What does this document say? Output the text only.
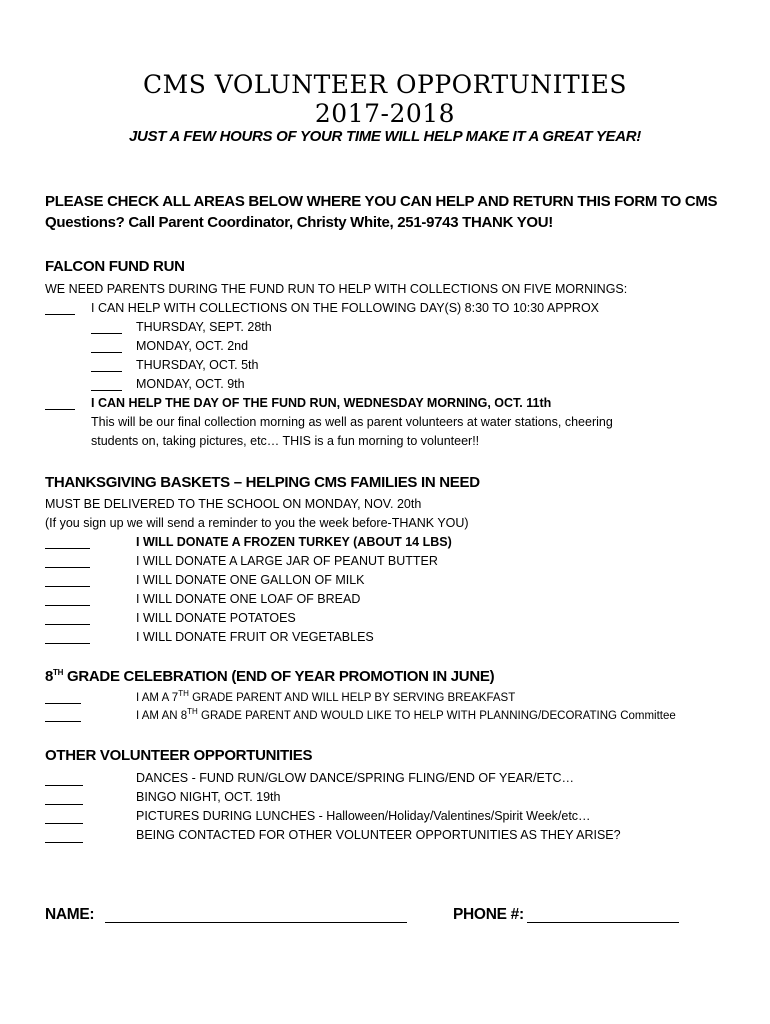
CMS VOLUNTEER OPPORTUNITIES
2017-2018
JUST A FEW HOURS OF YOUR TIME WILL HELP MAKE IT A GREAT YEAR!
PLEASE CHECK ALL AREAS BELOW WHERE YOU CAN HELP AND RETURN THIS FORM TO CMS
Questions? Call Parent Coordinator, Christy White, 251-9743 THANK YOU!
FALCON FUND RUN
WE NEED PARENTS DURING THE FUND RUN TO HELP WITH COLLECTIONS ON FIVE MORNINGS:
I CAN HELP WITH COLLECTIONS ON THE FOLLOWING DAY(S) 8:30 TO 10:30 APPROX
THURSDAY, SEPT. 28th
MONDAY, OCT. 2nd
THURSDAY, OCT. 5th
MONDAY, OCT. 9th
I CAN HELP THE DAY OF THE FUND RUN, WEDNESDAY MORNING, OCT. 11th
This will be our final collection morning as well as parent volunteers at water stations, cheering
students on, taking pictures, etc… THIS is a fun morning to volunteer!!
THANKSGIVING BASKETS – HELPING CMS FAMILIES IN NEED
MUST BE DELIVERED TO THE SCHOOL ON MONDAY, NOV. 20th
(If you sign up we will send a reminder to you the week before-THANK YOU)
I WILL DONATE A FROZEN TURKEY (ABOUT 14 LBS)
I WILL DONATE A LARGE JAR OF PEANUT BUTTER
I WILL DONATE ONE GALLON OF MILK
I WILL DONATE ONE LOAF OF BREAD
I WILL DONATE POTATOES
I WILL DONATE FRUIT OR VEGETABLES
8TH GRADE CELEBRATION (END OF YEAR PROMOTION IN JUNE)
I AM A 7TH GRADE PARENT AND WILL HELP BY SERVING BREAKFAST
I AM AN 8TH GRADE PARENT AND WOULD LIKE TO HELP WITH PLANNING/DECORATING Committee
OTHER VOLUNTEER OPPORTUNITIES
DANCES - FUND RUN/GLOW DANCE/SPRING FLING/END OF YEAR/ETC…
BINGO NIGHT, OCT. 19th
PICTURES DURING LUNCHES - Halloween/Holiday/Valentines/Spirit Week/etc…
BEING CONTACTED FOR OTHER VOLUNTEER OPPORTUNITIES AS THEY ARISE?
NAME:	PHONE #:
